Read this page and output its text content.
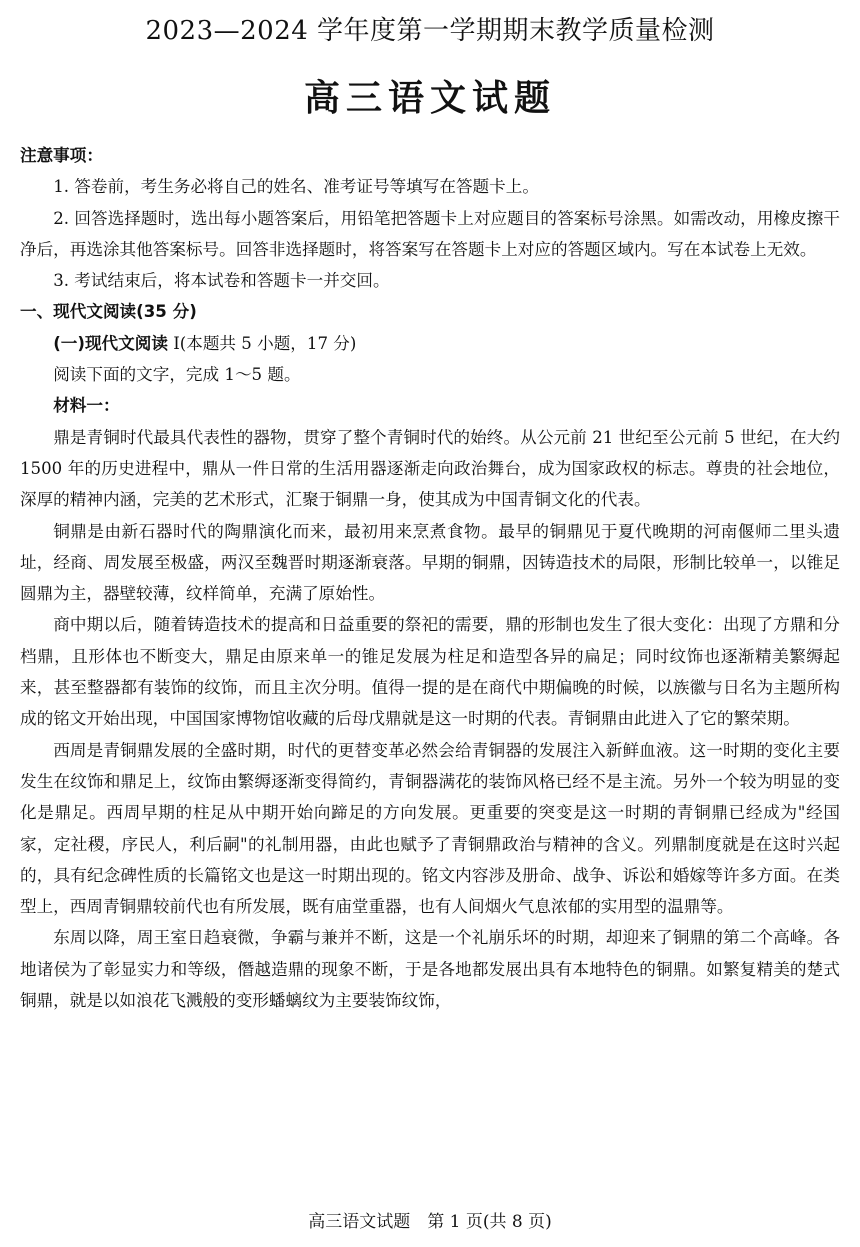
2023—2024 学年度第一学期期末教学质量检测
高三语文试题

注意事项：

1. 答卷前，考生务必将自己的姓名、准考证号等填写在答题卡上。

2. 回答选择题时，选出每小题答案后，用铅笔把答题卡上对应题目的答案标号涂黑。如需改动，用橡皮擦干净后，再选涂其他答案标号。回答非选择题时，将答案写在答题卡上对应的答题区域内。写在本试卷上无效。

3. 考试结束后，将本试卷和答题卡一并交回。

一、现代文阅读(35 分)

(一)现代文阅读 I(本题共 5 小题，17 分)

阅读下面的文字，完成 1～5 题。

材料一：

鼎是青铜时代最具代表性的器物，贯穿了整个青铜时代的始终。从公元前 21 世纪至公元前 5 世纪，在大约 1500 年的历史进程中，鼎从一件日常的生活用器逐渐走向政治舞台，成为国家政权的标志。尊贵的社会地位，深厚的精神内涵，完美的艺术形式，汇聚于铜鼎一身，使其成为中国青铜文化的代表。

铜鼎是由新石器时代的陶鼎演化而来，最初用来烹煮食物。最早的铜鼎见于夏代晚期的河南偃师二里头遗址，经商、周发展至极盛，两汉至魏晋时期逐渐衰落。早期的铜鼎，因铸造技术的局限，形制比较单一，以锥足圆鼎为主，器壁较薄，纹样简单，充满了原始性。

商中期以后，随着铸造技术的提高和日益重要的祭祀的需要，鼎的形制也发生了很大变化：出现了方鼎和分档鼎，且形体也不断变大，鼎足由原来单一的锥足发展为柱足和造型各异的扁足；同时纹饰也逐渐精美繁缛起来，甚至整器都有装饰的纹饰，而且主次分明。值得一提的是在商代中期偏晚的时候，以族徽与日名为主题所构成的铭文开始出现，中国国家博物馆收藏的后母戊鼎就是这一时期的代表。青铜鼎由此进入了它的繁荣期。

西周是青铜鼎发展的全盛时期，时代的更替变革必然会给青铜器的发展注入新鲜血液。这一时期的变化主要发生在纹饰和鼎足上，纹饰由繁缛逐渐变得简约，青铜器满花的装饰风格已经不是主流。另外一个较为明显的变化是鼎足。西周早期的柱足从中期开始向蹄足的方向发展。更重要的突变是这一时期的青铜鼎已经成为"经国家，定社稷，序民人，利后嗣"的礼制用器，由此也赋予了青铜鼎政治与精神的含义。列鼎制度就是在这时兴起的，具有纪念碑性质的长篇铭文也是这一时期出现的。铭文内容涉及册命、战争、诉讼和婚嫁等许多方面。在类型上，西周青铜鼎较前代也有所发展，既有庙堂重器，也有人间烟火气息浓郁的实用型的温鼎等。

东周以降，周王室日趋衰微，争霸与兼并不断，这是一个礼崩乐坏的时期，却迎来了铜鼎的第二个高峰。各地诸侯为了彰显实力和等级，僭越造鼎的现象不断，于是各地都发展出具有本地特色的铜鼎。如繁复精美的楚式铜鼎，就是以如浪花飞溅般的变形蟠螭纹为主要装饰纹饰，

高三语文试题　第 1 页(共 8 页)
